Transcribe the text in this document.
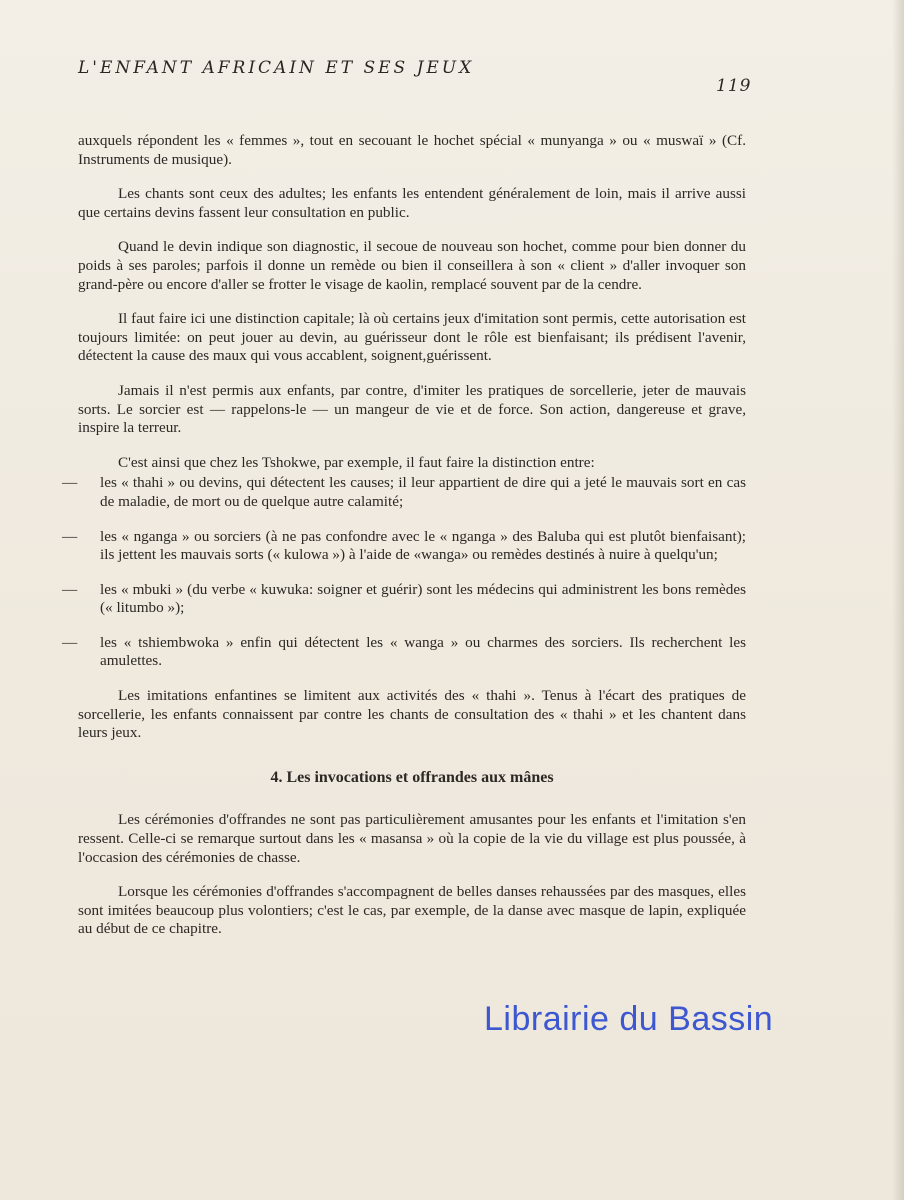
L'ENFANT AFRICAIN ET SES JEUX
119

auxquels répondent les « femmes », tout en secouant le hochet spécial « munyanga » ou « muswaï » (Cf. Instruments de musique).

Les chants sont ceux des adultes; les enfants les entendent généralement de loin, mais il arrive aussi que certains devins fassent leur consultation en public.

Quand le devin indique son diagnostic, il secoue de nouveau son hochet, comme pour bien donner du poids à ses paroles; parfois il donne un remède ou bien il conseillera à son « client » d'aller invoquer son grand-père ou encore d'aller se frotter le visage de kaolin, remplacé souvent par de la cendre.

Il faut faire ici une distinction capitale; là où certains jeux d'imitation sont permis, cette autorisation est toujours limitée: on peut jouer au devin, au guérisseur dont le rôle est bienfaisant; ils prédisent l'avenir, détectent la cause des maux qui vous accablent, soignent,guérissent.

Jamais il n'est permis aux enfants, par contre, d'imiter les pratiques de sorcellerie, jeter de mauvais sorts. Le sorcier est — rappelons-le — un mangeur de vie et de force. Son action, dangereuse et grave, inspire la terreur.

C'est ainsi que chez les Tshokwe, par exemple, il faut faire la distinction entre:

— les « thahi » ou devins, qui détectent les causes; il leur appartient de dire qui a jeté le mauvais sort en cas de maladie, de mort ou de quelque autre calamité;
— les « nganga » ou sorciers (à ne pas confondre avec le « nganga » des Baluba qui est plutôt bienfaisant); ils jettent les mauvais sorts (« kulowa ») à l'aide de «wanga» ou remèdes destinés à nuire à quelqu'un;
— les « mbuki » (du verbe « kuwuka: soigner et guérir) sont les médecins qui administrent les bons remèdes (« litumbo »);
— les « tshiembwoka » enfin qui détectent les « wanga » ou charmes des sorciers. Ils recherchent les amulettes.

Les imitations enfantines se limitent aux activités des « thahi ». Tenus à l'écart des pratiques de sorcellerie, les enfants connaissent par contre les chants de consultation des « thahi » et les chantent dans leurs jeux.

4. Les invocations et offrandes aux mânes

Les cérémonies d'offrandes ne sont pas particulièrement amusantes pour les enfants et l'imitation s'en ressent. Celle-ci se remarque surtout dans les « masansa » où la copie de la vie du village est plus poussée, à l'occasion des cérémonies de chasse.

Lorsque les cérémonies d'offrandes s'accompagnent de belles danses rehaussées par des masques, elles sont imitées beaucoup plus volontiers; c'est le cas, par exemple, de la danse avec masque de lapin, expliquée au début de ce chapitre.

Librairie du Bassin
